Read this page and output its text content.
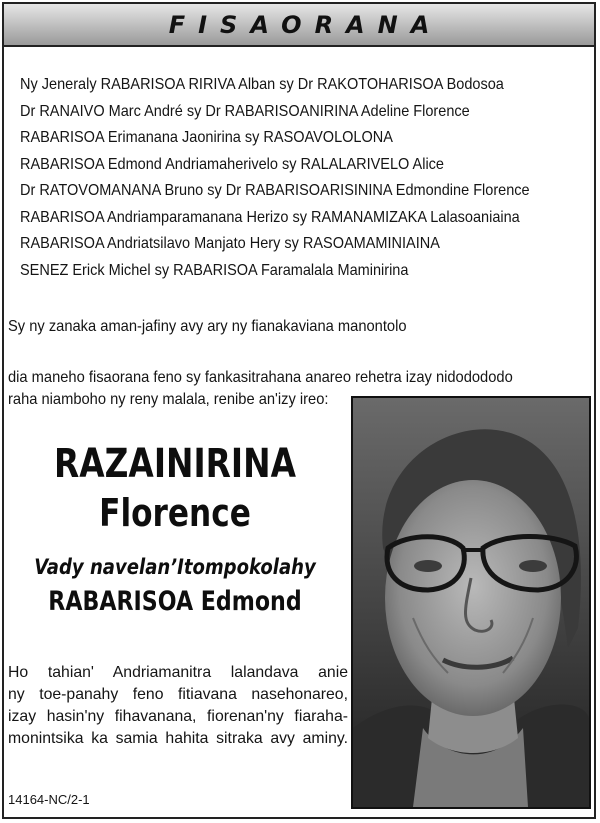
FISAORANA
Ny Jeneraly RABARISOA RIRIVA Alban sy Dr RAKOTOHARISOA Bodosoa
Dr RANAIVO Marc André sy Dr RABARISOANIRINA Adeline Florence
RABARISOA Erimanana Jaonirina sy RASOAVOLOLONA
RABARISOA Edmond Andriamaherivelo sy RALALARIVELO Alice
Dr RATOVOMANANA Bruno sy Dr RABARISOARISININA Edmondine Florence
RABARISOA Andriamparamanana Herizo sy RAMANAMIZAKA Lalasoaniaina
RABARISOA Andriatsilavo Manjato Hery sy RASOAMAMINIAINA
SENEZ Erick Michel sy RABARISOA Faramalala Maminirina
Sy ny zanaka aman-jafiny avy ary ny fianakaviana manontolo
dia maneho fisaorana feno sy fankasitrahana anareo rehetra izay nidodododo
raha niamboho ny reny malala, renibe an'izy ireo:
RAZAINIRINA
Florence
Vady navelan’Itompokolahy
RABARISOA Edmond
Ho tahian' Andriamanitra lalandava anie
ny toe-panahy feno fitiavana nasehonareo,
izay hasin'ny fihavanana, fiorenan'ny fiaraha-
monintsika ka samia hahita sitraka avy aminy.
14164-NC/2-1
